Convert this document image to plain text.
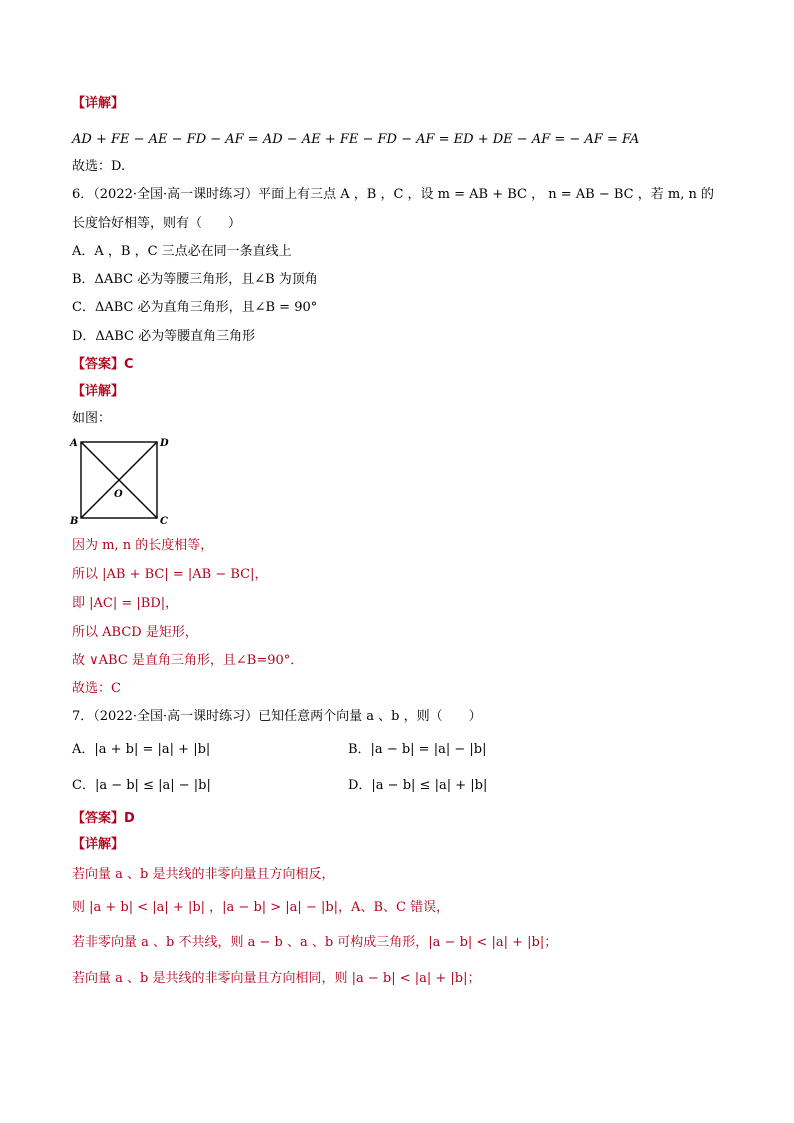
【详解】
AD + FE − AE − FD − AF = AD − AE + FE − FD − AF = ED + DE − AF = − AF = FA
故选：D.
6．（2022·全国·高一课时练习）平面上有三点 A ，B ，C ，设 m = AB + BC ， n = AB − BC ，若 m, n 的
长度恰好相等，则有（　　）
A．A ，B ，C 三点必在同一条直线上
B．ΔABC 必为等腰三角形，且∠B 为顶角
C．ΔABC 必为直角三角形，且∠B = 90°
D．ΔABC 必为等腰直角三角形
【答案】C
【详解】
如图：
A	D
B	C
O
因为 m, n 的长度相等，
所以 |AB + BC| = |AB − BC|，
即 |AC| = |BD|，
所以 ABCD 是矩形，
故 ∨ABC 是直角三角形，且∠B=90°．
故选：C
7．（2022·全国·高一课时练习）已知任意两个向量 a 、b ，则（　　）
A．|a + b| = |a| + |b|	B．|a − b| = |a| − |b|
C．|a − b| ≤ |a| − |b|	D．|a − b| ≤ |a| + |b|
【答案】D
【详解】
若向量 a 、b 是共线的非零向量且方向相反，
则 |a + b| < |a| + |b| ，|a − b| > |a| − |b|，A、B、C 错误，
若非零向量 a 、b 不共线，则 a − b 、a 、b 可构成三角形，|a − b| < |a| + |b|；
若向量 a 、b 是共线的非零向量且方向相同，则 |a − b| < |a| + |b|；
